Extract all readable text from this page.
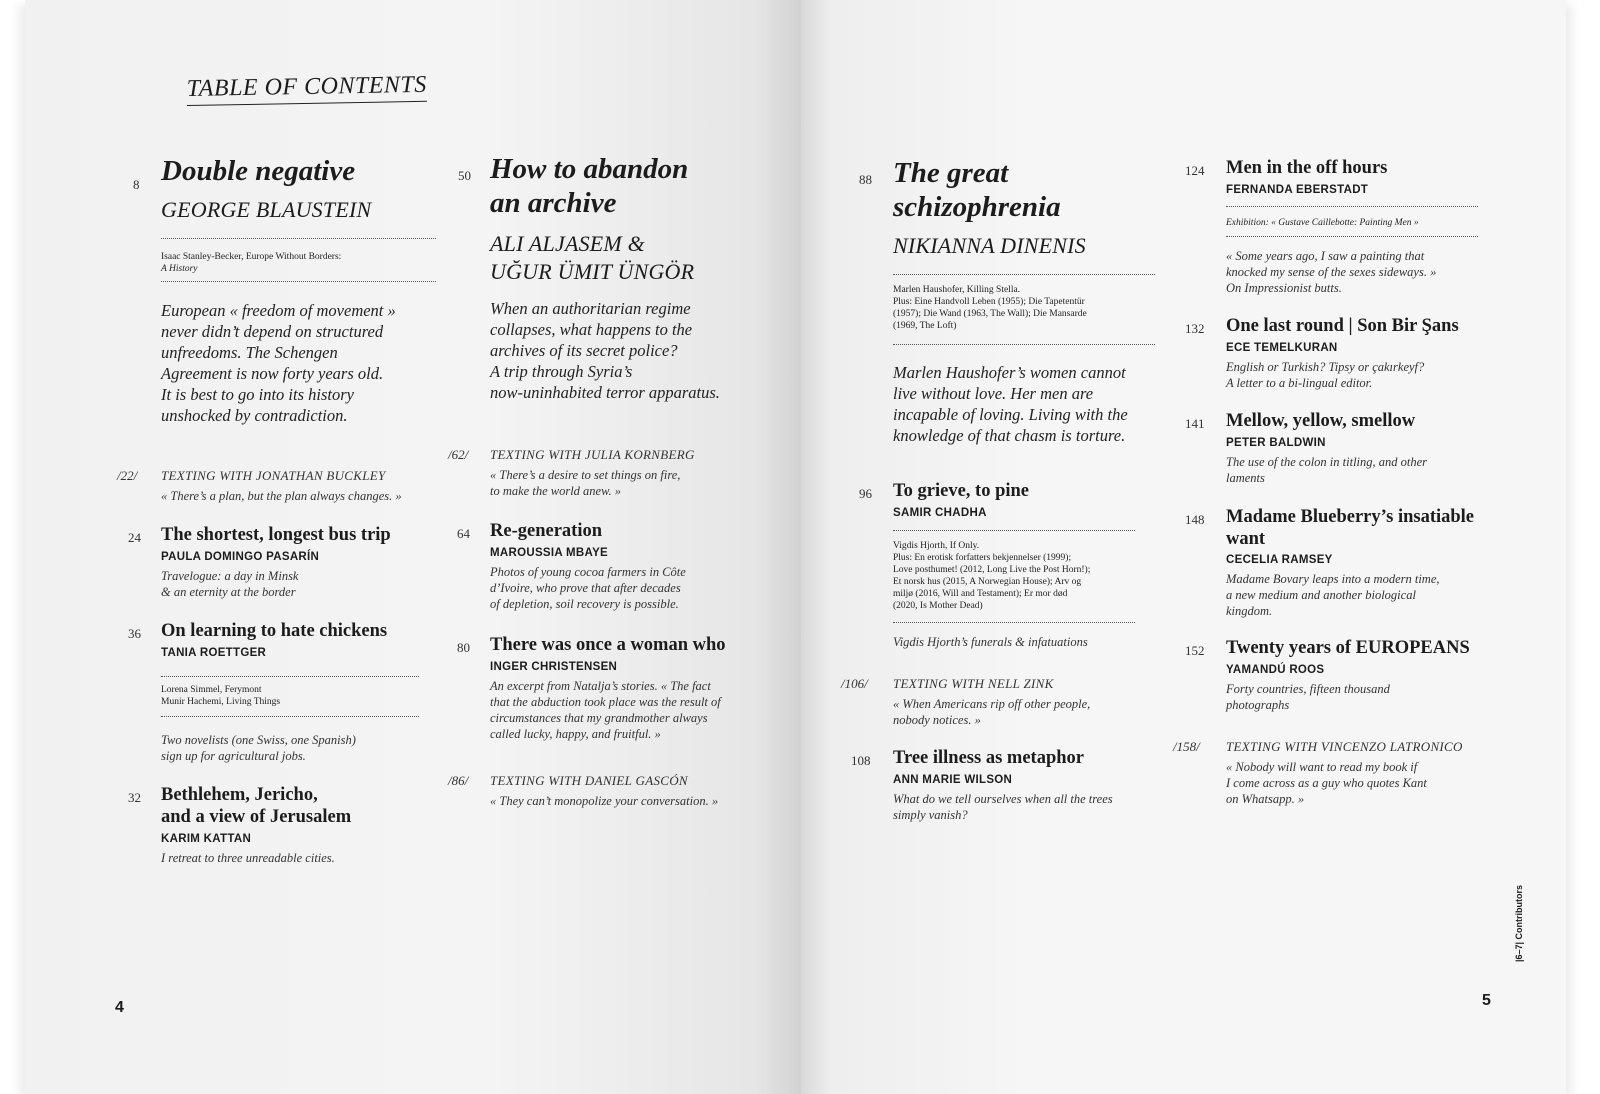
TABLE OF CONTENTS
8 Double negative
GEORGE BLAUSTEIN
Isaac Stanley-Becker, Europe Without Borders:
A History
European « freedom of movement »
never didn’t depend on structured
unfreedoms. The Schengen
Agreement is now forty years old.
It is best to go into its history
unshocked by contradiction.
/22/ TEXTING WITH JONATHAN BUCKLEY
« There’s a plan, but the plan always changes. »
24 The shortest, longest bus trip
PAULA DOMINGO PASARÍN
Travelogue: a day in Minsk
& an eternity at the border
36 On learning to hate chickens
TANIA ROETTGER
Lorena Simmel, Ferymont
Munir Hachemi, Living Things
Two novelists (one Swiss, one Spanish)
sign up for agricultural jobs.
32 Bethlehem, Jericho,
and a view of Jerusalem
KARIM KATTAN
I retreat to three unreadable cities.
50 How to abandon
an archive
ALI ALJASEM &
UĞUR ÜMIT ÜNGÖR
When an authoritarian regime
collapses, what happens to the
archives of its secret police?
A trip through Syria’s
now-uninhabited terror apparatus.
/62/ TEXTING WITH JULIA KORNBERG
« There’s a desire to set things on fire,
to make the world anew. »
64 Re-generation
MAROUSSIA MBAYE
Photos of young cocoa farmers in Côte
d’Ivoire, who prove that after decades
of depletion, soil recovery is possible.
80 There was once a woman who
INGER CHRISTENSEN
An excerpt from Natalja’s stories. « The fact
that the abduction took place was the result of
circumstances that my grandmother always
called lucky, happy, and fruitful. »
/86/ TEXTING WITH DANIEL GASCÓN
« They can’t monopolize your conversation. »
4
88 The great
schizophrenia
NIKIANNA DINENIS
Marlen Haushofer, Killing Stella.
Plus: Eine Handvoll Leben (1955); Die Tapetentür
(1957); Die Wand (1963, The Wall); Die Mansarde
(1969, The Loft)
Marlen Haushofer’s women cannot
live without love. Her men are
incapable of loving. Living with the
knowledge of that chasm is torture.
96 To grieve, to pine
SAMIR CHADHA
Vigdis Hjorth, If Only.
Plus: En erotisk forfatters bekjennelser (1999);
Love posthumet! (2012, Long Live the Post Horn!);
Et norsk hus (2015, A Norwegian House); Arv og
miljø (2016, Will and Testament); Er mor død
(2020, Is Mother Dead)
Vigdis Hjorth’s funerals & infatuations
/106/ TEXTING WITH NELL ZINK
« When Americans rip off other people,
nobody notices. »
108 Tree illness as metaphor
ANN MARIE WILSON
What do we tell ourselves when all the trees
simply vanish?
124 Men in the off hours
FERNANDA EBERSTADT
Exhibition: « Gustave Caillebotte: Painting Men »
« Some years ago, I saw a painting that
knocked my sense of the sexes sideways. »
On Impressionist butts.
132 One last round | Son Bir Şans
ECE TEMELKURAN
English or Turkish? Tipsy or çakırkeyf?
A letter to a bi-lingual editor.
141 Mellow, yellow, smellow
PETER BALDWIN
The use of the colon in titling, and other
laments
148 Madame Blueberry’s insatiable
want
CECELIA RAMSEY
Madame Bovary leaps into a modern time,
a new medium and another biological
kingdom.
152 Twenty years of EUROPEANS
YAMANDÚ ROOS
Forty countries, fifteen thousand
photographs
/158/ TEXTING WITH VINCENZO LATRONICO
« Nobody will want to read my book if
I come across as a guy who quotes Kant
on Whatsapp. »
|6–7| Contributors
5
